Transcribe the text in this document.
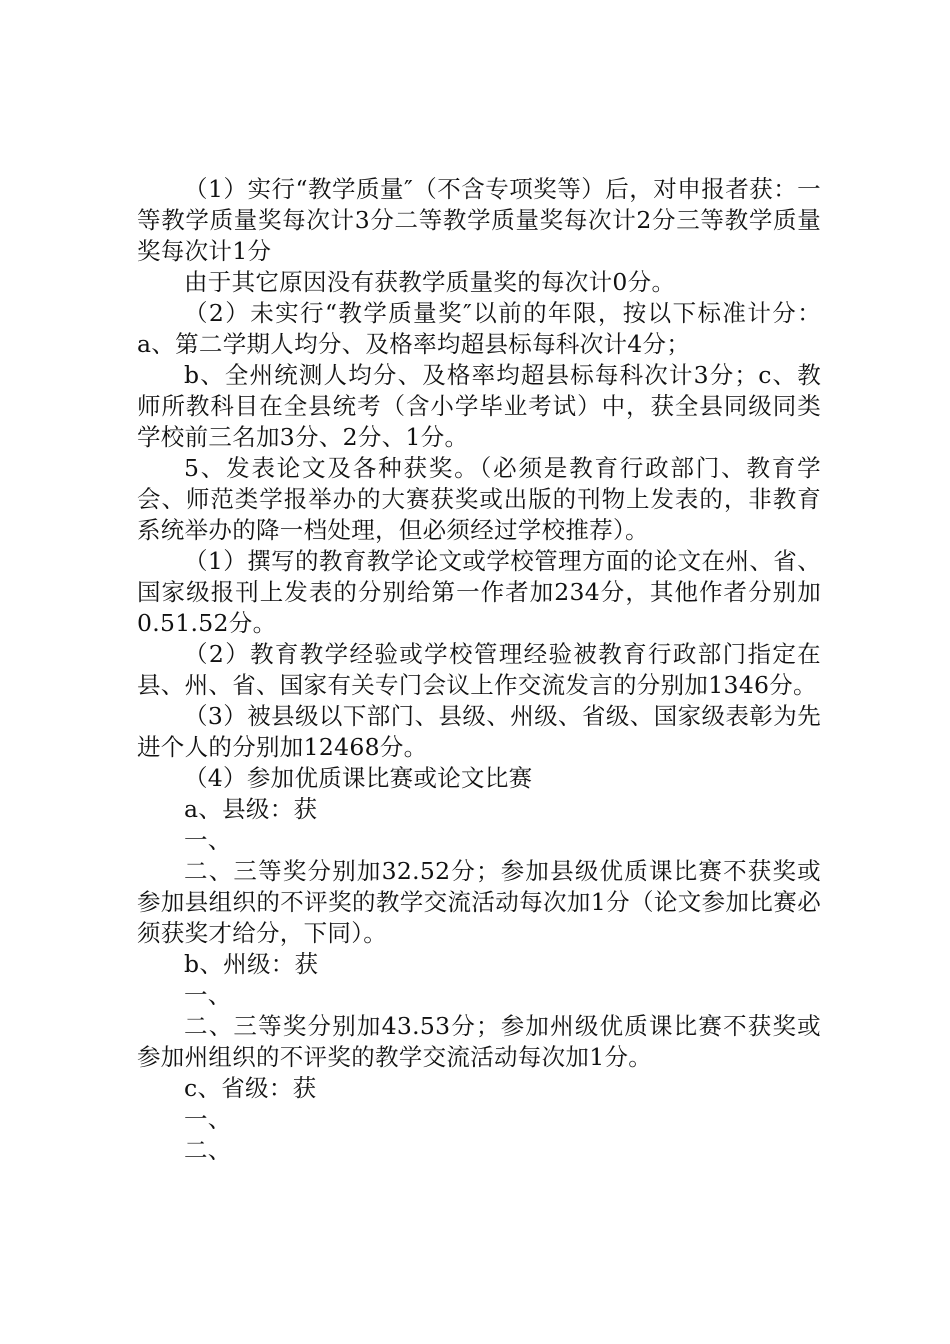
（1）实行“教学质量″（不含专项奖等）后，对申报者获：一等教学质量奖每次计3分二等教学质量奖每次计2分三等教学质量奖每次计1分

由于其它原因没有获教学质量奖的每次计0分。

（2）未实行“教学质量奖″以前的年限，按以下标准计分：a、第二学期人均分、及格率均超县标每科次计4分；

b、全州统测人均分、及格率均超县标每科次计3分；c、教师所教科目在全县统考（含小学毕业考试）中，获全县同级同类学校前三名加3分、2分、1分。

5、发表论文及各种获奖。（必须是教育行政部门、教育学会、师范类学报举办的大赛获奖或出版的刊物上发表的，非教育系统举办的降一档处理，但必须经过学校推荐）。

（1）撰写的教育教学论文或学校管理方面的论文在州、省、国家级报刊上发表的分别给第一作者加234分，其他作者分别加0.51.52分。

（2）教育教学经验或学校管理经验被教育行政部门指定在县、州、省、国家有关专门会议上作交流发言的分别加1346分。

（3）被县级以下部门、县级、州级、省级、国家级表彰为先进个人的分别加12468分。

（4）参加优质课比赛或论文比赛

a、县级：获

一、

二、三等奖分别加32.52分；参加县级优质课比赛不获奖或参加县组织的不评奖的教学交流活动每次加1分（论文参加比赛必须获奖才给分，下同）。

b、州级：获

一、

二、三等奖分别加43.53分；参加州级优质课比赛不获奖或参加州组织的不评奖的教学交流活动每次加1分。

c、省级：获

一、

二、
